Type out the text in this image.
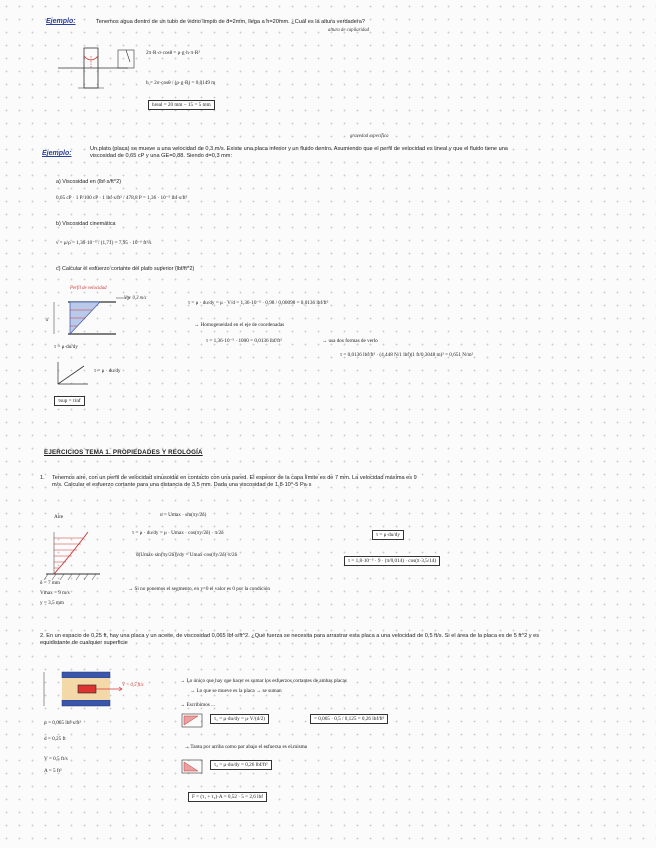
Ejemplo:	Tenemos agua dentro de un tubo de vidrio limpio de d=2mm, llega a h=20mm. ¿Cuál es la altura verdadera?
altura de capilaridad
2π·R·σ·cosθ = ρ·g·h·π·R²
h = 2σ·cosθ / (ρ·g·R) = 0,0149 m
hreal = 20 mm − 15 = 5 mm
gravedad específica
Ejemplo:
Un plato (placa) se mueve a una velocidad de 0,3 m/s. Existe una placa inferior y un fluido dentro. Asumiendo que el perfil de velocidad es lineal y que el fluido tiene una viscosidad de 0,65 cP y una GE=0,88. Siendo d=0,3 mm:
a) Viscosidad en (lbf·s/ft^2)
0,65 cP · 1 P/100 cP · 1 lbf·s/ft² / 478,8 P = 1,36 · 10⁻⁵ lbf·s/ft²
b) Viscosidad cinemática
ν = μ/ρ = 1,36·10⁻⁵ / (1,71) = 7,95 · 10⁻⁶ ft²/s
c) Calcular el esfuerzo cortante del plato superior (lbf/ft^2)
Perfil de velocidad
V = 0,3 m/s
d
τ = μ·du/dy
τ = μ · du/dy
τsup = τinf
τ = μ · du/dy = μ · V/d = 1,36·10⁻⁵ · 0,98 / 0,00098 = 0,0136 lbf/ft²
→ Homogeneidad en el eje de coordenadas
τ = 1,36·10⁻⁵ · 1000 = 0,0136 lbf/ft²	→ usa dos formas de verlo
τ = 0,0136 lbf/ft² · (4,448 N/1 lbf)(1 ft/0,3048 m)² = 0,651 N/m²
EJERCICIOS TEMA 1. PROPIEDADES Y REOLOGÍA
1. Tenemos aire, con un perfil de velocidad sinusoidal en contacto con una pared. El espesor de la capa límite es de 7 mm. La velocidad máxima es 9 m/s. Calcular el esfuerzo cortante para una distancia de 3,5 mm. Dada una viscosidad de 1,8·10^-5 Pa·s
Aire
δ = 7 mm
Vmax = 9 m/s
y = 3,5 mm
u = Umax · sin(πy/2δ)
τ = μ · du/dy = μ · Umax · cos(πy/2δ) · π/2δ	τ = μ·du/dy
d(Umax·sin(πy/2δ))/dy = Umax·cos(πy/2δ)·π/2δ
τ = 1,8·10⁻⁵ · 9 · (π/0,014) · cos(π·3,5/14)
→ Si no ponemos el segmento, en y=0 el valor es 0 por la condición
2. En un espacio de 0,25 ft, hay una placa y un aceite, de viscosidad 0,065 lbf·s/ft^2. ¿Qué fuerza se necesita para arrastrar esta placa a una velocidad de 0,5 ft/s. Si el área de la placa es de 5 ft^2 y es equidistante de cualquier superficie
V = 0,5 ft/s
μ = 0,065 lbf·s/ft²
d = 0,25 ft
V = 0,5 ft/s
A = 5 ft²
→ Lo único que hay que hacer es sumar los esfuerzos cortantes de ambas placas
→ Lo que se mueve es la placa → se suman
→ Escribimos ...
τ₁ = μ·du/dy = μ·V/(d/2)	= 0,065 · 0,5 / 0,125 = 0,26 lbf/ft²
→ Tanto por arriba como por abajo el esfuerzo es el mismo
τ₂ = μ·du/dy = 0,26 lbf/ft²
F = (τ₁ + τ₂)·A = 0,52 · 5 = 2,6 lbf
